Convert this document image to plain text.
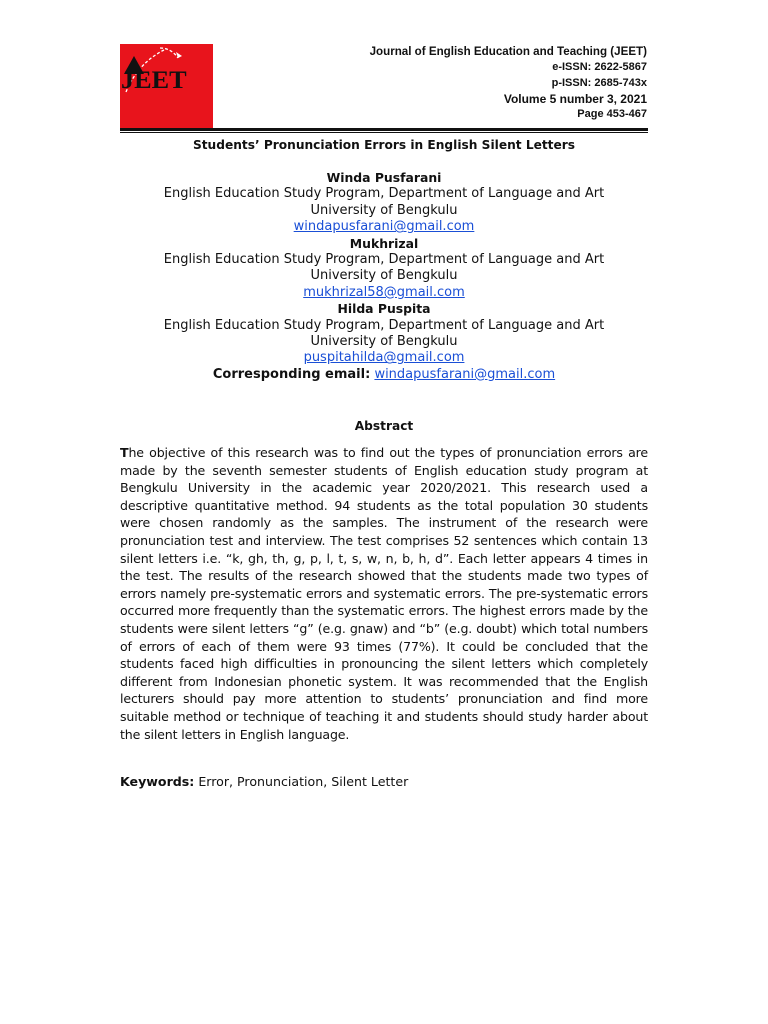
JEET
Journal of English Education and Teaching (JEET)
e-ISSN: 2622-5867
p-ISSN: 2685-743x
Volume 5 number 3, 2021
Page 453-467
Students’ Pronunciation Errors in English Silent Letters
Winda Pusfarani
English Education Study Program, Department of Language and Art
University of Bengkulu
windapusfarani@gmail.com
Mukhrizal
English Education Study Program, Department of Language and Art
University of Bengkulu
mukhrizal58@gmail.com
Hilda Puspita
English Education Study Program, Department of Language and Art
University of Bengkulu
puspitahilda@gmail.com
Corresponding email: windapusfarani@gmail.com
Abstract
The objective of this research was to find out the types of pronunciation errors are made by the seventh semester students of English education study program at Bengkulu University in the academic year 2020/2021. This research used a descriptive quantitative method. 94 students as the total population 30 students were chosen randomly as the samples. The instrument of the research were pronunciation test and interview. The test comprises 52 sentences which contain 13 silent letters i.e. “k, gh, th, g, p, l, t, s, w, n, b, h, d”. Each letter appears 4 times in the test. The results of the research showed that the students made two types of errors namely pre-systematic errors and systematic errors. The pre-systematic errors occurred more frequently than the systematic errors. The highest errors made by the students were silent letters “g” (e.g. gnaw) and “b” (e.g. doubt) which total numbers of errors of each of them were 93 times (77%). It could be concluded that the students faced high difficulties in pronouncing the silent letters which completely different from Indonesian phonetic system. It was recommended that the English lecturers should pay more attention to students’ pronunciation and find more suitable method or technique of teaching it and students should study harder about the silent letters in English language.
Keywords: Error, Pronunciation, Silent Letter
